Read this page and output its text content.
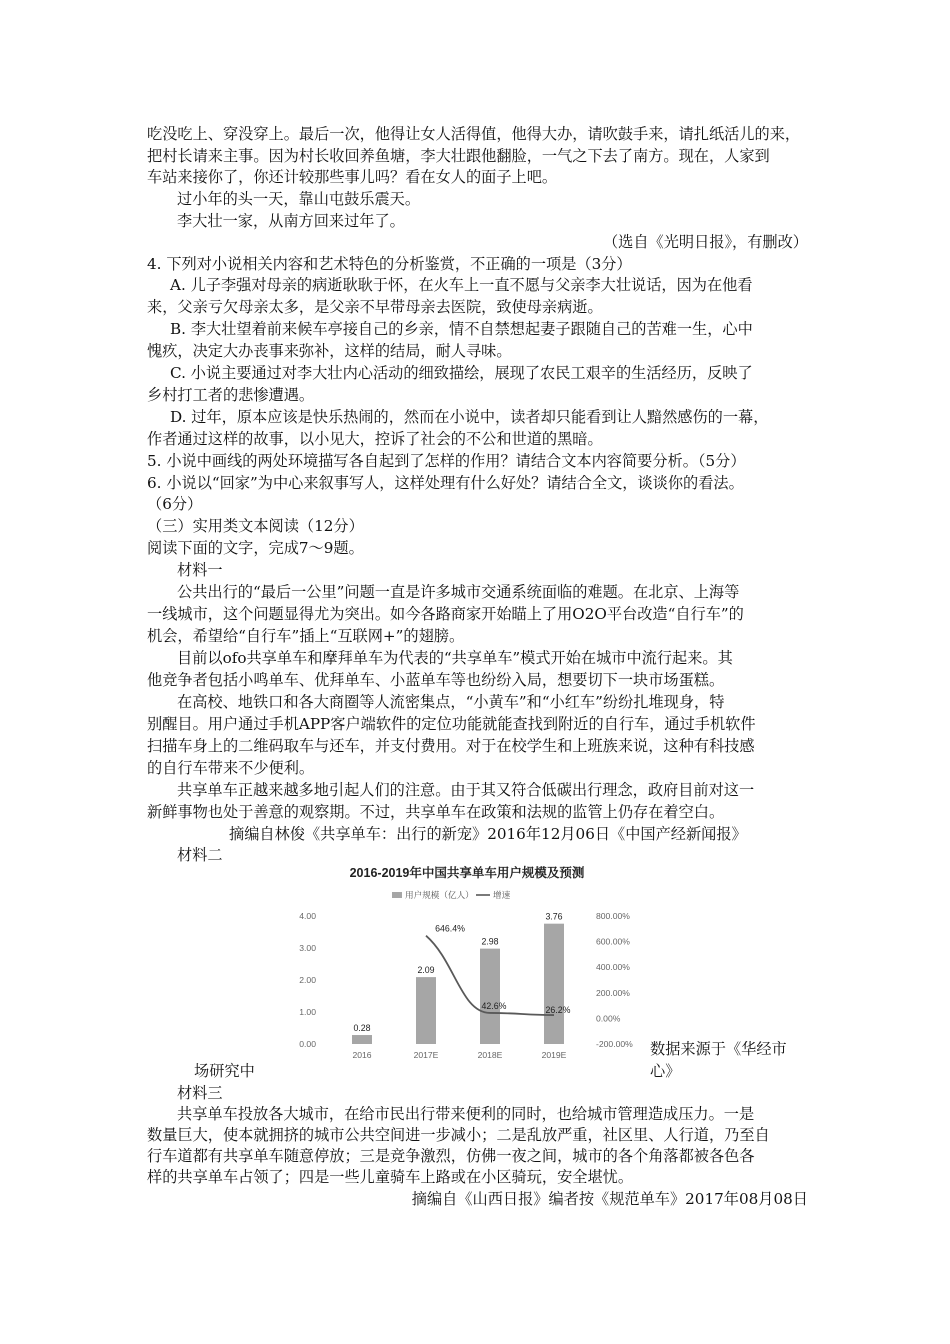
吃没吃上、穿没穿上。最后一次，他得让女人活得值，他得大办，请吹鼓手来，请扎纸活儿的来，
把村长请来主事。因为村长收回养鱼塘，李大壮跟他翻脸，一气之下去了南方。现在，人家到
车站来接你了，你还计较那些事儿吗？看在女人的面子上吧。
过小年的头一天，靠山屯鼓乐震天。
李大壮一家，从南方回来过年了。
（选自《光明日报》，有删改）
4. 下列对小说相关内容和艺术特色的分析鉴赏，不正确的一项是（3分）
A. 儿子李强对母亲的病逝耿耿于怀，在火车上一直不愿与父亲李大壮说话，因为在他看
来，父亲亏欠母亲太多，是父亲不早带母亲去医院，致使母亲病逝。
B. 李大壮望着前来候车亭接自己的乡亲，情不自禁想起妻子跟随自己的苦难一生，心中
愧疚，决定大办丧事来弥补，这样的结局，耐人寻味。
C. 小说主要通过对李大壮内心活动的细致描绘，展现了农民工艰辛的生活经历，反映了
乡村打工者的悲惨遭遇。
D. 过年，原本应该是快乐热闹的，然而在小说中，读者却只能看到让人黯然感伤的一幕，
作者通过这样的故事，以小见大，控诉了社会的不公和世道的黑暗。
5. 小说中画线的两处环境描写各自起到了怎样的作用？请结合文本内容简要分析。（5分）
6. 小说以“回家”为中心来叙事写人，这样处理有什么好处？请结合全文，谈谈你的看法。
（6分）
（三）实用类文本阅读（12分）
阅读下面的文字，完成7～9题。
材料一
公共出行的“最后一公里”问题一直是许多城市交通系统面临的难题。在北京、上海等
一线城市，这个问题显得尤为突出。如今各路商家开始瞄上了用O2O平台改造“自行车”的
机会，希望给“自行车”插上“互联网+”的翅膀。
目前以ofo共享单车和摩拜单车为代表的“共享单车”模式开始在城市中流行起来。其
他竞争者包括小鸣单车、优拜单车、小蓝单车等也纷纷入局，想要切下一块市场蛋糕。
在高校、地铁口和各大商圈等人流密集点，“小黄车”和“小红车”纷纷扎堆现身，特
别醒目。用户通过手机APP客户端软件的定位功能就能查找到附近的自行车，通过手机软件
扫描车身上的二维码取车与还车，并支付费用。对于在校学生和上班族来说，这种有科技感
的自行车带来不少便利。
共享单车正越来越多地引起人们的注意。由于其又符合低碳出行理念，政府目前对这一
新鲜事物也处于善意的观察期。不过，共享单车在政策和法规的监管上仍存在着空白。
摘编自林俊《共享单车：出行的新宠》2016年12月06日《中国产经新闻报》
材料二
2016-2019年中国共享单车用户规模及预测
用户规模（亿人） 增速
0.00
1.00
2.00
3.00
4.00
-200.00%
0.00%
200.00%
400.00%
600.00%
800.00%
2016	2017E	2018E	2019E
0.28
2.09
2.98
3.76
646.4%
42.6%	26.2%
数据来源于《华经市
场研究中	心》
材料三
共享单车投放各大城市，在给市民出行带来便利的同时，也给城市管理造成压力。一是
数量巨大，使本就拥挤的城市公共空间进一步减小；二是乱放严重，社区里、人行道，乃至自
行车道都有共享单车随意停放；三是竞争激烈，仿佛一夜之间，城市的各个角落都被各色各
样的共享单车占领了；四是一些儿童骑车上路或在小区骑玩，安全堪忧。
摘编自《山西日报》编者按《规范单车》2017年08月08日
